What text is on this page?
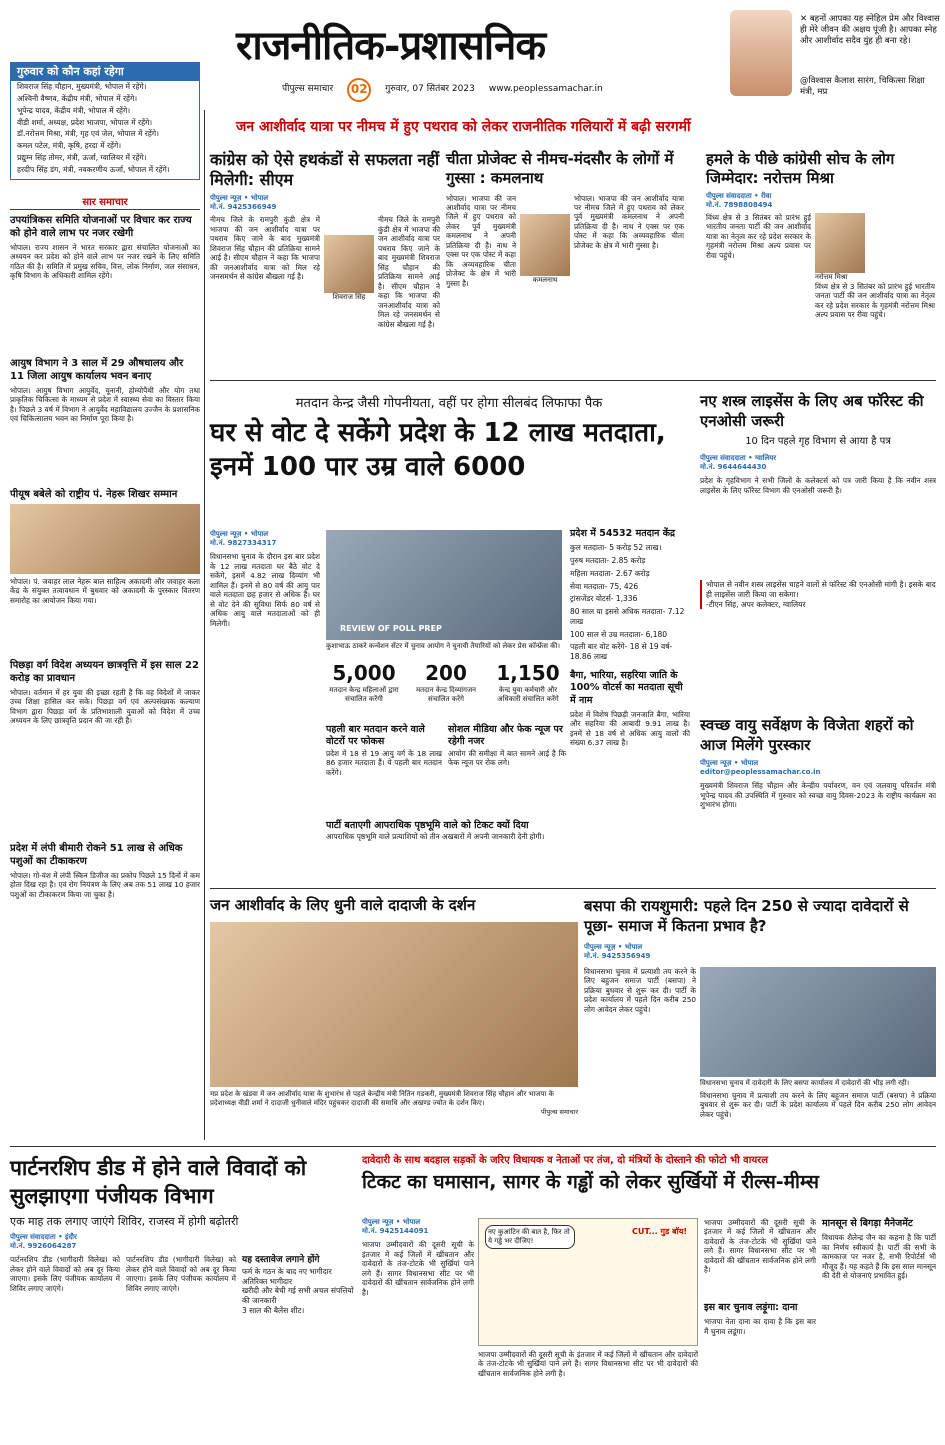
राजनीतिक-प्रशासनिक
पीपुल्स समाचार	02	गुरुवार, 07 सितंबर 2023 www.peoplessamachar.in
✕ बहनों आपका यह स्नेहिल प्रेम और विश्वास ही मेरे जीवन की अक्षय पूंजी है। आपका स्नेह और आशीर्वाद सदैव युंह ही बना रहे।
@विश्वास कैलाश सारंग, चिकित्सा शिक्षा मंत्री, मप्र
गुरुवार को कौन कहां रहेगा
शिवराज सिंह चौहान, मुख्यमंत्री, भोपाल में रहेंगे।
अश्विनी वैष्णव, केंद्रीय मंत्री, भोपाल में रहेंगे।
भूपेन्द्र यादव, केंद्रीय मंत्री, भोपाल में रहेंगे।
वीडी शर्मा, अध्यक्ष, प्रदेश भाजपा, भोपाल में रहेंगे।
डॉ.नरोत्तम मिश्रा, मंत्री, गृह एवं जेल, भोपाल में रहेंगे।
कमल पटेल, मंत्री, कृषि, हरदा में रहेंगे।
प्रद्युम्न सिंह तोमर, मंत्री, ऊर्जा, ग्वालियर में रहेंगे।
हरदीप सिंह डंग, मंत्री, नवकरणीय ऊर्जा, भोपाल में रहेंगे।
सार समाचार
उपयांत्रिकस समिति योजनाओं पर विचार कर राज्य को होने वाले लाभ पर नजर रखेगी
भोपाल। राज्य शासन ने भारत सरकार द्वारा संचालित योजनाओं का अध्ययन कर प्रदेश को होने वाले लाभ पर नजर रखने के लिए समिति गठित की है। समिति में प्रमुख सचिव, वित्त, लोक निर्माण, जल संसाधन, कृषि विभाग के अधिकारी शामिल रहेंगे।
आयुष विभाग ने 3 साल में 29 औषधालय और 11 जिला आयुष कार्यालय भवन बनाए
भोपाल। आयुष विभाग आयुर्वेद, यूनानी, होम्योपैथी और योग तथा प्राकृतिक चिकित्सा के माध्यम से प्रदेश में स्वास्थ्य सेवा का विस्तार किया है। पिछले 3 वर्ष में विभाग ने आयुर्वेद महाविद्यालय उज्जैन के प्रशासनिक एवं चिकित्सालय भवन का निर्माण पूरा किया है।
पीयूष बबेले को राष्ट्रीय पं. नेहरू शिखर सम्मान
भोपाल। पं. जवाहर लाल नेहरू बाल साहित्य अकादमी और जवाहर कला केंद्र के संयुक्त तत्वावधान में बुधवार को अकादमी के पुरस्कार वितरण समारोह का आयोजन किया गया।
पिछड़ा वर्ग विदेश अध्ययन छात्रवृत्ति में इस साल 22 करोड़ का प्रावधान
भोपाल। वर्तमान में हर युवा की इच्छा रहती है कि वह विदेशों में जाकर उच्च शिक्षा हासिल कर सके। पिछड़ा वर्ग एवं अल्पसंख्यक कल्याण विभाग द्वारा पिछड़ा वर्ग के प्रतिभाशाली युवाओं को विदेश में उच्च अध्ययन के लिए छात्रवृत्ति प्रदान की जा रही है।
प्रदेश में लंपी बीमारी रोकने 51 लाख से अधिक पशुओं का टीकाकरण
भोपाल। गो-वंश में लंपी स्किन डिजीज का प्रकोप पिछले 15 दिनों में कम होता दिख रहा है। एवं रोग नियंत्रण के लिए अब तक 51 लाख 10 हजार पशुओं का टीकाकरण किया जा चुका है।
जन आशीर्वाद यात्रा पर नीमच में हुए पथराव को लेकर राजनीतिक गलियारों में बढ़ी सरगर्मी
कांग्रेस को ऐसे हथकंडों से सफलता नहीं मिलेगी: सीएम
पीपुल्स न्यूज़ • भोपाल
मो.नं. 9425366949
नीमच जिले के रामपुरी कुंडी क्षेत्र में भाजपा की जन आशीर्वाद यात्रा पर पथराव किए जाने के बाद मुख्यमंत्री शिवराज सिंह चौहान की प्रतिक्रिया सामने आई है। सीएम चौहान ने कहा कि भाजपा की जनआशीर्वाद यात्रा को मिल रहे जनसमर्थन से कांग्रेस बौखला गई है।
शिवराज सिंह
नीमच जिले के रामपुरी कुंडी क्षेत्र में भाजपा की जन आशीर्वाद यात्रा पर पथराव किए जाने के बाद मुख्यमंत्री शिवराज सिंह चौहान की प्रतिक्रिया सामने आई है। सीएम चौहान ने कहा कि भाजपा की जनआशीर्वाद यात्रा को मिल रहे जनसमर्थन से कांग्रेस बौखला गई है।
चीता प्रोजेक्ट से नीमच-मंदसौर के लोगों में गुस्सा : कमलनाथ
भोपाल। भाजपा की जन आशीर्वाद यात्रा पर नीमच जिले में हुए पथराव को लेकर पूर्व मुख्यमंत्री कमलनाथ ने अपनी प्रतिक्रिया दी है। नाथ ने एक्स पर एक पोस्ट में कहा कि अव्यवहारिक चीता प्रोजेक्ट के क्षेत्र में भारी गुस्सा है।	कमलनाथ
भोपाल। भाजपा की जन आशीर्वाद यात्रा पर नीमच जिले में हुए पथराव को लेकर पूर्व मुख्यमंत्री कमलनाथ ने अपनी प्रतिक्रिया दी है। नाथ ने एक्स पर एक पोस्ट में कहा कि अव्यवहारिक चीता प्रोजेक्ट के क्षेत्र में भारी गुस्सा है।
हमले के पीछे कांग्रेसी सोच के लोग जिम्मेदार: नरोत्तम मिश्रा
पीपुल्स संवाददाता • रीवा
मो.नं. 7898808494
विंध्य क्षेत्र से 3 सितंबर को प्रारंभ हुई भारतीय जनता पार्टी की जन आशीर्वाद यात्रा का नेतृत्व कर रहे प्रदेश सरकार के गृहमंत्री नरोत्तम मिश्रा अल्प प्रवास पर रीवा पहुंचे।
नरोत्तम मिश्रा
विंध्य क्षेत्र से 3 सितंबर को प्रारंभ हुई भारतीय जनता पार्टी की जन आशीर्वाद यात्रा का नेतृत्व कर रहे प्रदेश सरकार के गृहमंत्री नरोत्तम मिश्रा अल्प प्रवास पर रीवा पहुंचे।
मतदान केन्द्र जैसी गोपनीयता, वहीं पर होगा सीलबंद लिफाफा पैक
घर से वोट दे सकेंगे प्रदेश के 12 लाख मतदाता, इनमें 100 पार उम्र वाले 6000
पीपुल्स न्यूज़ • भोपाल
मो.नं. 9827334317
विधानसभा चुनाव के दौरान इस बार प्रदेश के 12 लाख मतदाता घर बैठे वोट दे सकेंगे, इसमें 4.82 लाख दिव्यांग भी शामिल हैं। इनमें से 80 वर्ष की आयु पार वाले मतदाता छह हजार से अधिक हैं। घर से वोट देने की सुविधा सिर्फ 80 वर्ष से अधिक आयु वाले मतदाताओं को ही मिलेगी।
REVIEW OF POLL PREP
कुशाभाऊ ठाकरे कन्वेंशन सेंटर में चुनाव आयोग ने चुनावी तैयारियों को लेकर प्रेस कॉन्फ्रेंस की।
5,000
मतदान केन्द्र महिलाओं द्वारा संचालित करेंगी
200
मतदान केन्द्र दिव्यांगजन संचालित करेंगे
1,150
केन्द्र युवा कर्मचारी और अधिकारी संचालित करेंगे
पहली बार मतदान करने वाले वोटरों पर फोकस
प्रदेश में 18 से 19 आयु वर्ग के 18 लाख 86 हजार मतदाता हैं। ये पहली बार मतदान करेंगे।
सोशल मीडिया और फेक न्यूज पर रहेगी नजर
आयोग की समीक्षा में बात सामने आई है कि फेक न्यूज पर रोक लगे।
पार्टी बताएगी आपराधिक पृष्ठभूमि वाले को टिकट क्यों दिया
आपराधिक पृष्ठभूमि वाले प्रत्याशियों को तीन अखबारों में अपनी जानकारी देनी होगी।
प्रदेश में 54532 मतदान केंद्र
कुल मतदाता- 5 करोड़ 52 लाख।
पुरुष मतदाता- 2.85 करोड़
महिला मतदाता- 2.67 करोड़
सेवा मतदाता- 75, 426
ट्रांसजेंडर वोटर्स- 1,336
80 साल या इससे अधिक मतदाता- 7.12 लाख
100 साल से उम्र मतदाता- 6,180
पहली बार वोट करेंगे- 18 से 19 वर्ष- 18.86 लाख
बैगा, भारिया, सहरिया जाति के 100% वोटर्स का मतदाता सूची में नाम
प्रदेश में विशेष पिछड़ी जनजाति बैगा, भारिया और सहरिया की आबादी 9.91 लाख है। इनमें से 18 वर्ष से अधिक आयु वालों की संख्या 6.37 लाख है।
नए शस्त्र लाइसेंस के लिए अब फॉरेस्ट की एनओसी जरूरी
10 दिन पहले गृह विभाग से आया है पत्र
पीपुल्स संवाददाता • ग्वालियर
मो.नं. 9644644430
प्रदेश के गृहविभाग ने सभी जिलों के कलेक्टर्स को पत्र जारी किया है कि नवीन शस्त्र लाइसेंस के लिए फॉरेस्ट विभाग की एनओसी जरूरी है।
भोपाल से नवीन शस्त्र लाइसेंस चाहने वालों से फॉरेस्ट की एनओसी मांगी है। इसके बाद ही लाइसेंस जारी किया जा सकेगा।
-टीएन सिंह, अपर कलेक्टर, ग्वालियर
स्वच्छ वायु सर्वेक्षण के विजेता शहरों को आज मिलेंगे पुरस्कार
पीपुल्स न्यूज़ • भोपाल
editor@peoplessamachar.co.in
मुख्यमंत्री शिवराज सिंह चौहान और केन्द्रीय पर्यावरण, वन एवं जलवायु परिवर्तन मंत्री भूपेन्द्र यादव की उपस्थिति में गुरुवार को स्वच्छ वायु दिवस-2023 के राष्ट्रीय कार्यक्रम का शुभारंभ होगा।
जन आशीर्वाद के लिए धुनी वाले दादाजी के दर्शन
मप्र प्रदेश के खंडवा में जन आशीर्वाद यात्रा के शुभारंभ से पहले केन्द्रीय मंत्री नितिन गडकरी, मुख्यमंत्री शिवराज सिंह चौहान और भाजपा के प्रदेशाध्यक्ष वीडी शर्मा ने दादाजी धुनीवाले मंदिर पहुंचकर दादाजी की समाधि और अखण्ड ज्योत के दर्शन किए।
पीपुल्स समाचार
बसपा की रायशुमारी: पहले दिन 250 से ज्यादा दावेदारों से पूछा- समाज में कितना प्रभाव है?
पीपुल्स न्यूज़ • भोपाल
मो.नं. 9425356949
विधानसभा चुनाव में प्रत्याशी तय करने के लिए बहुजन समाज पार्टी (बसपा) ने प्रक्रिया बुधवार से शुरू कर दी। पार्टी के प्रदेश कार्यालय में पहले दिन करीब 250 लोग आवेदन लेकर पहुंचे।
विधानसभा चुनाव में दावेदारी के लिए बसपा कार्यालय में दावेदारों की भीड़ लगी रही।
विधानसभा चुनाव में प्रत्याशी तय करने के लिए बहुजन समाज पार्टी (बसपा) ने प्रक्रिया बुधवार से शुरू कर दी। पार्टी के प्रदेश कार्यालय में पहले दिन करीब 250 लोग आवेदन लेकर पहुंचे।
पार्टनरशिप डीड में होने वाले विवादों को सुलझाएगा पंजीयक विभाग
एक माह तक लगाए जाएंगे शिविर, राजस्व में होगी बढ़ोतरी
पीपुल्स संवाददाता • इंदौर
मो.नं. 9926064287
पार्टनरशिप डीड (भागीदारी विलेख) को लेकर होने वाले विवादों को अब दूर किया जाएगा। इसके लिए पंजीयक कार्यालय में शिविर लगाए जाएंगे।
पार्टनरशिप डीड (भागीदारी विलेख) को लेकर होने वाले विवादों को अब दूर किया जाएगा। इसके लिए पंजीयक कार्यालय में शिविर लगाए जाएंगे।
यह दस्तावेज लगाने होंगे
फर्म के गठन के बाद नए भागीदार
अतिरिक्त भागीदार
खरीदी और बेची गई सभी अचल संपत्तियों की जानकारी
3 साल की बैलेंस शीट।
दावेदारी के साथ बदहाल सड़कों के जरिए विधायक व नेताओं पर तंज, दो मंत्रियों के दोस्ताने की फोटो भी वायरल
टिकट का घमासान, सागर के गड्ढों को लेकर सुर्खियों में रील्स-मीम्स
पीपुल्स न्यूज़ • भोपाल
मो.नं. 9425144091
भाजपा उम्मीदवारों की दूसरी सूची के इंतजार में कई जिलों में खींचतान और दावेदारों के तंज-टोटके भी सुर्खियां पाने लगे हैं। सागर विधानसभा सीट पर भी दावेदारों की खींचतान सार्वजनिक होने लगी है।
नए कुआंटिन की बात है, फिर तो ये गड्ढे भर दीजिए!
CUT... गुड बॉय!
भाजपा उम्मीदवारों की दूसरी सूची के इंतजार में कई जिलों में खींचतान और दावेदारों के तंज-टोटके भी सुर्खियां पाने लगे हैं। सागर विधानसभा सीट पर भी दावेदारों की खींचतान सार्वजनिक होने लगी है।
भाजपा उम्मीदवारों की दूसरी सूची के इंतजार में कई जिलों में खींचतान और दावेदारों के तंज-टोटके भी सुर्खियां पाने लगे हैं। सागर विधानसभा सीट पर भी दावेदारों की खींचतान सार्वजनिक होने लगी है।
इस बार चुनाव लड़ूंगा: दाना
भाजपा नेता दाना का दावा है कि इस बार मैं चुनाव लडूंगा।
मानसून से बिगड़ा मैनेजमेंट
विधायक शैलेन्द्र जैन का कहना है कि पार्टी का निर्णय स्वीकार्य है। पार्टी की सभी के कामकाज पर नजर है, सभी रिपोर्टर्स भी मौजूद हैं। यह कहते हैं कि इस साल मानसून की देरी से योजनाएं प्रभावित हुई।
